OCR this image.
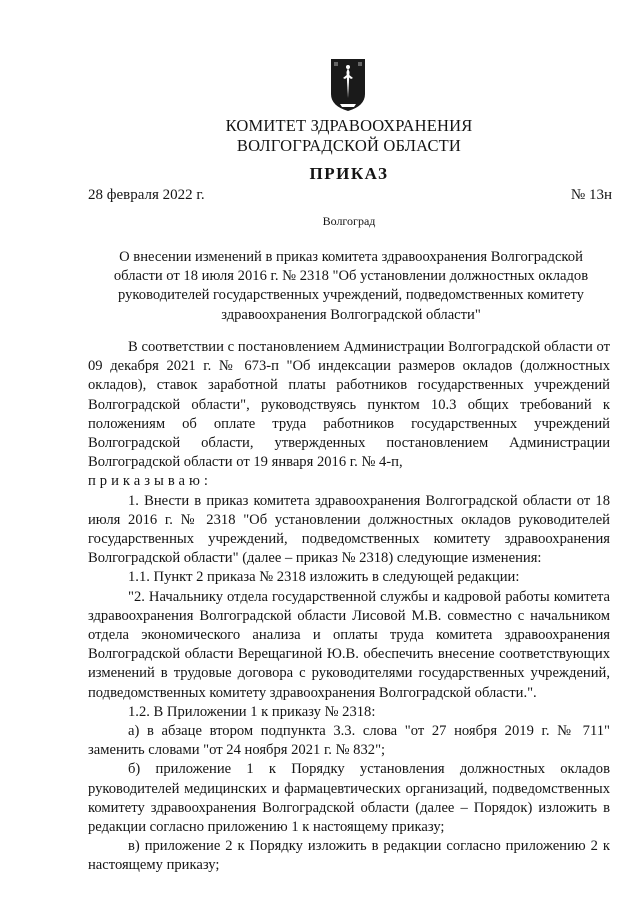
КОМИТЕТ ЗДРАВООХРАНЕНИЯ
ВОЛГОГРАДСКОЙ ОБЛАСТИ
ПРИКАЗ
28 февраля 2022 г.	№ 13н
Волгоград
О внесении изменений в приказ комитета здравоохранения Волгоградской области от 18 июля 2016 г. № 2318 "Об установлении должностных окладов руководителей государственных учреждений, подведомственных комитету здравоохранения Волгоградской области"

В соответствии с постановлением Администрации Волгоградской области от 09 декабря 2021 г. № 673-п "Об индексации размеров окладов (должностных окладов), ставок заработной платы работников государственных учреждений Волгоградской области", руководствуясь пунктом 10.3 общих требований к положениям об оплате труда работников государственных учреждений Волгоградской области, утвержденных постановлением Администрации Волгоградской области от 19 января 2016 г. № 4-п,

приказываю:

1. Внести в приказ комитета здравоохранения Волгоградской области от 18 июля 2016 г. № 2318 "Об установлении должностных окладов руководителей государственных учреждений, подведомственных комитету здравоохранения Волгоградской области" (далее – приказ № 2318) следующие изменения:

1.1. Пункт 2 приказа № 2318 изложить в следующей редакции:

"2. Начальнику отдела государственной службы и кадровой работы комитета здравоохранения Волгоградской области Лисовой М.В. совместно с начальником отдела экономического анализа и оплаты труда комитета здравоохранения Волгоградской области Верещагиной Ю.В. обеспечить внесение соответствующих изменений в трудовые договора с руководителями государственных учреждений, подведомственных комитету здравоохранения Волгоградской области.".

1.2. В Приложении 1 к приказу № 2318:

а) в абзаце втором подпункта 3.3. слова "от 27 ноября 2019 г. № 711" заменить словами "от 24 ноября 2021 г. № 832";

б) приложение 1 к Порядку установления должностных окладов руководителей медицинских и фармацевтических организаций, подведомственных комитету здравоохранения Волгоградской области (далее – Порядок) изложить в редакции согласно приложению 1 к настоящему приказу;

в) приложение 2 к Порядку изложить в редакции согласно приложению 2 к настоящему приказу;
